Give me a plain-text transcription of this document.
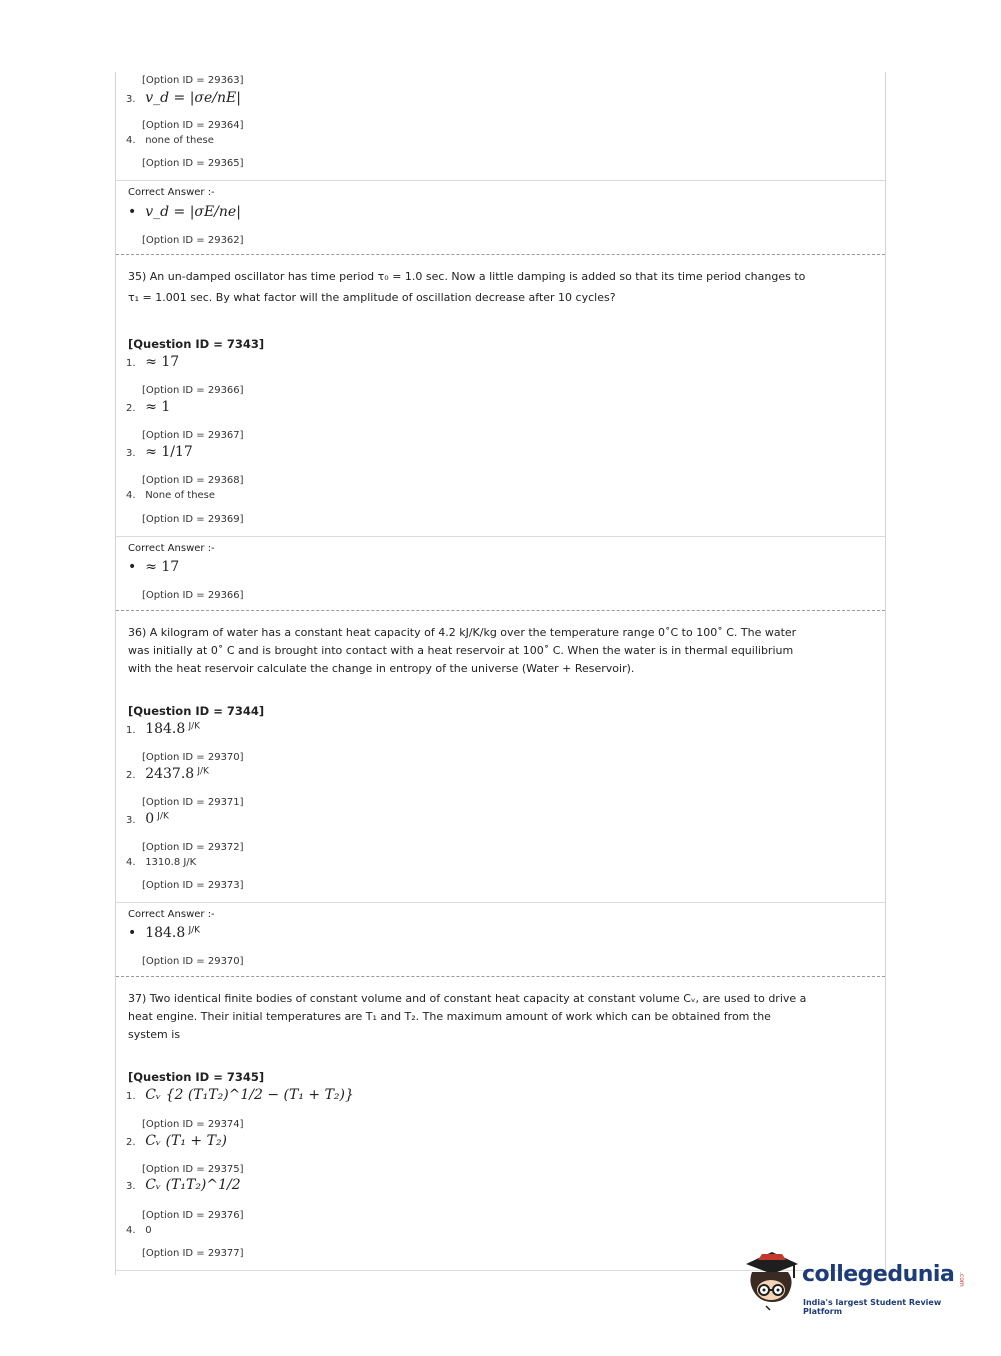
[Option ID = 29363]
3. v_d = |σe/nE|
[Option ID = 29364]
4. none of these
[Option ID = 29365]
Correct Answer :-
• v_d = |σE/ne|
[Option ID = 29362]
35) An un-damped oscillator has time period τ₀ = 1.0 sec. Now a little damping is added so that its time period changes to
τ₁ = 1.001 sec. By what factor will the amplitude of oscillation decrease after 10 cycles?
[Question ID = 7343]
1. ≈ 17
[Option ID = 29366]
2. ≈ 1
[Option ID = 29367]
3. ≈ 1/17
[Option ID = 29368]
4. None of these
[Option ID = 29369]
Correct Answer :-
• ≈ 17
[Option ID = 29366]
36) A kilogram of water has a constant heat capacity of 4.2 kJ/K/kg over the temperature range 0˚C to 100˚ C. The water
was initially at 0˚ C and is brought into contact with a heat reservoir at 100˚ C. When the water is in thermal equilibrium
with the heat reservoir calculate the change in entropy of the universe (Water + Reservoir).
[Question ID = 7344]
1. 184.8 J/K
[Option ID = 29370]
2. 2437.8 J/K
[Option ID = 29371]
3. 0 J/K
[Option ID = 29372]
4. 1310.8 J/K
[Option ID = 29373]
Correct Answer :-
• 184.8 J/K
[Option ID = 29370]
37) Two identical finite bodies of constant volume and of constant heat capacity at constant volume Cᵥ, are used to drive a
heat engine. Their initial temperatures are T₁ and T₂. The maximum amount of work which can be obtained from the
system is
[Question ID = 7345]
1. Cᵥ {2 (T₁T₂)^1/2 − (T₁ + T₂)}
[Option ID = 29374]
2. Cᵥ (T₁ + T₂)
[Option ID = 29375]
3. Cᵥ (T₁T₂)^1/2
[Option ID = 29376]
4. 0
[Option ID = 29377]
collegedunia .com
India's largest Student Review Platform
